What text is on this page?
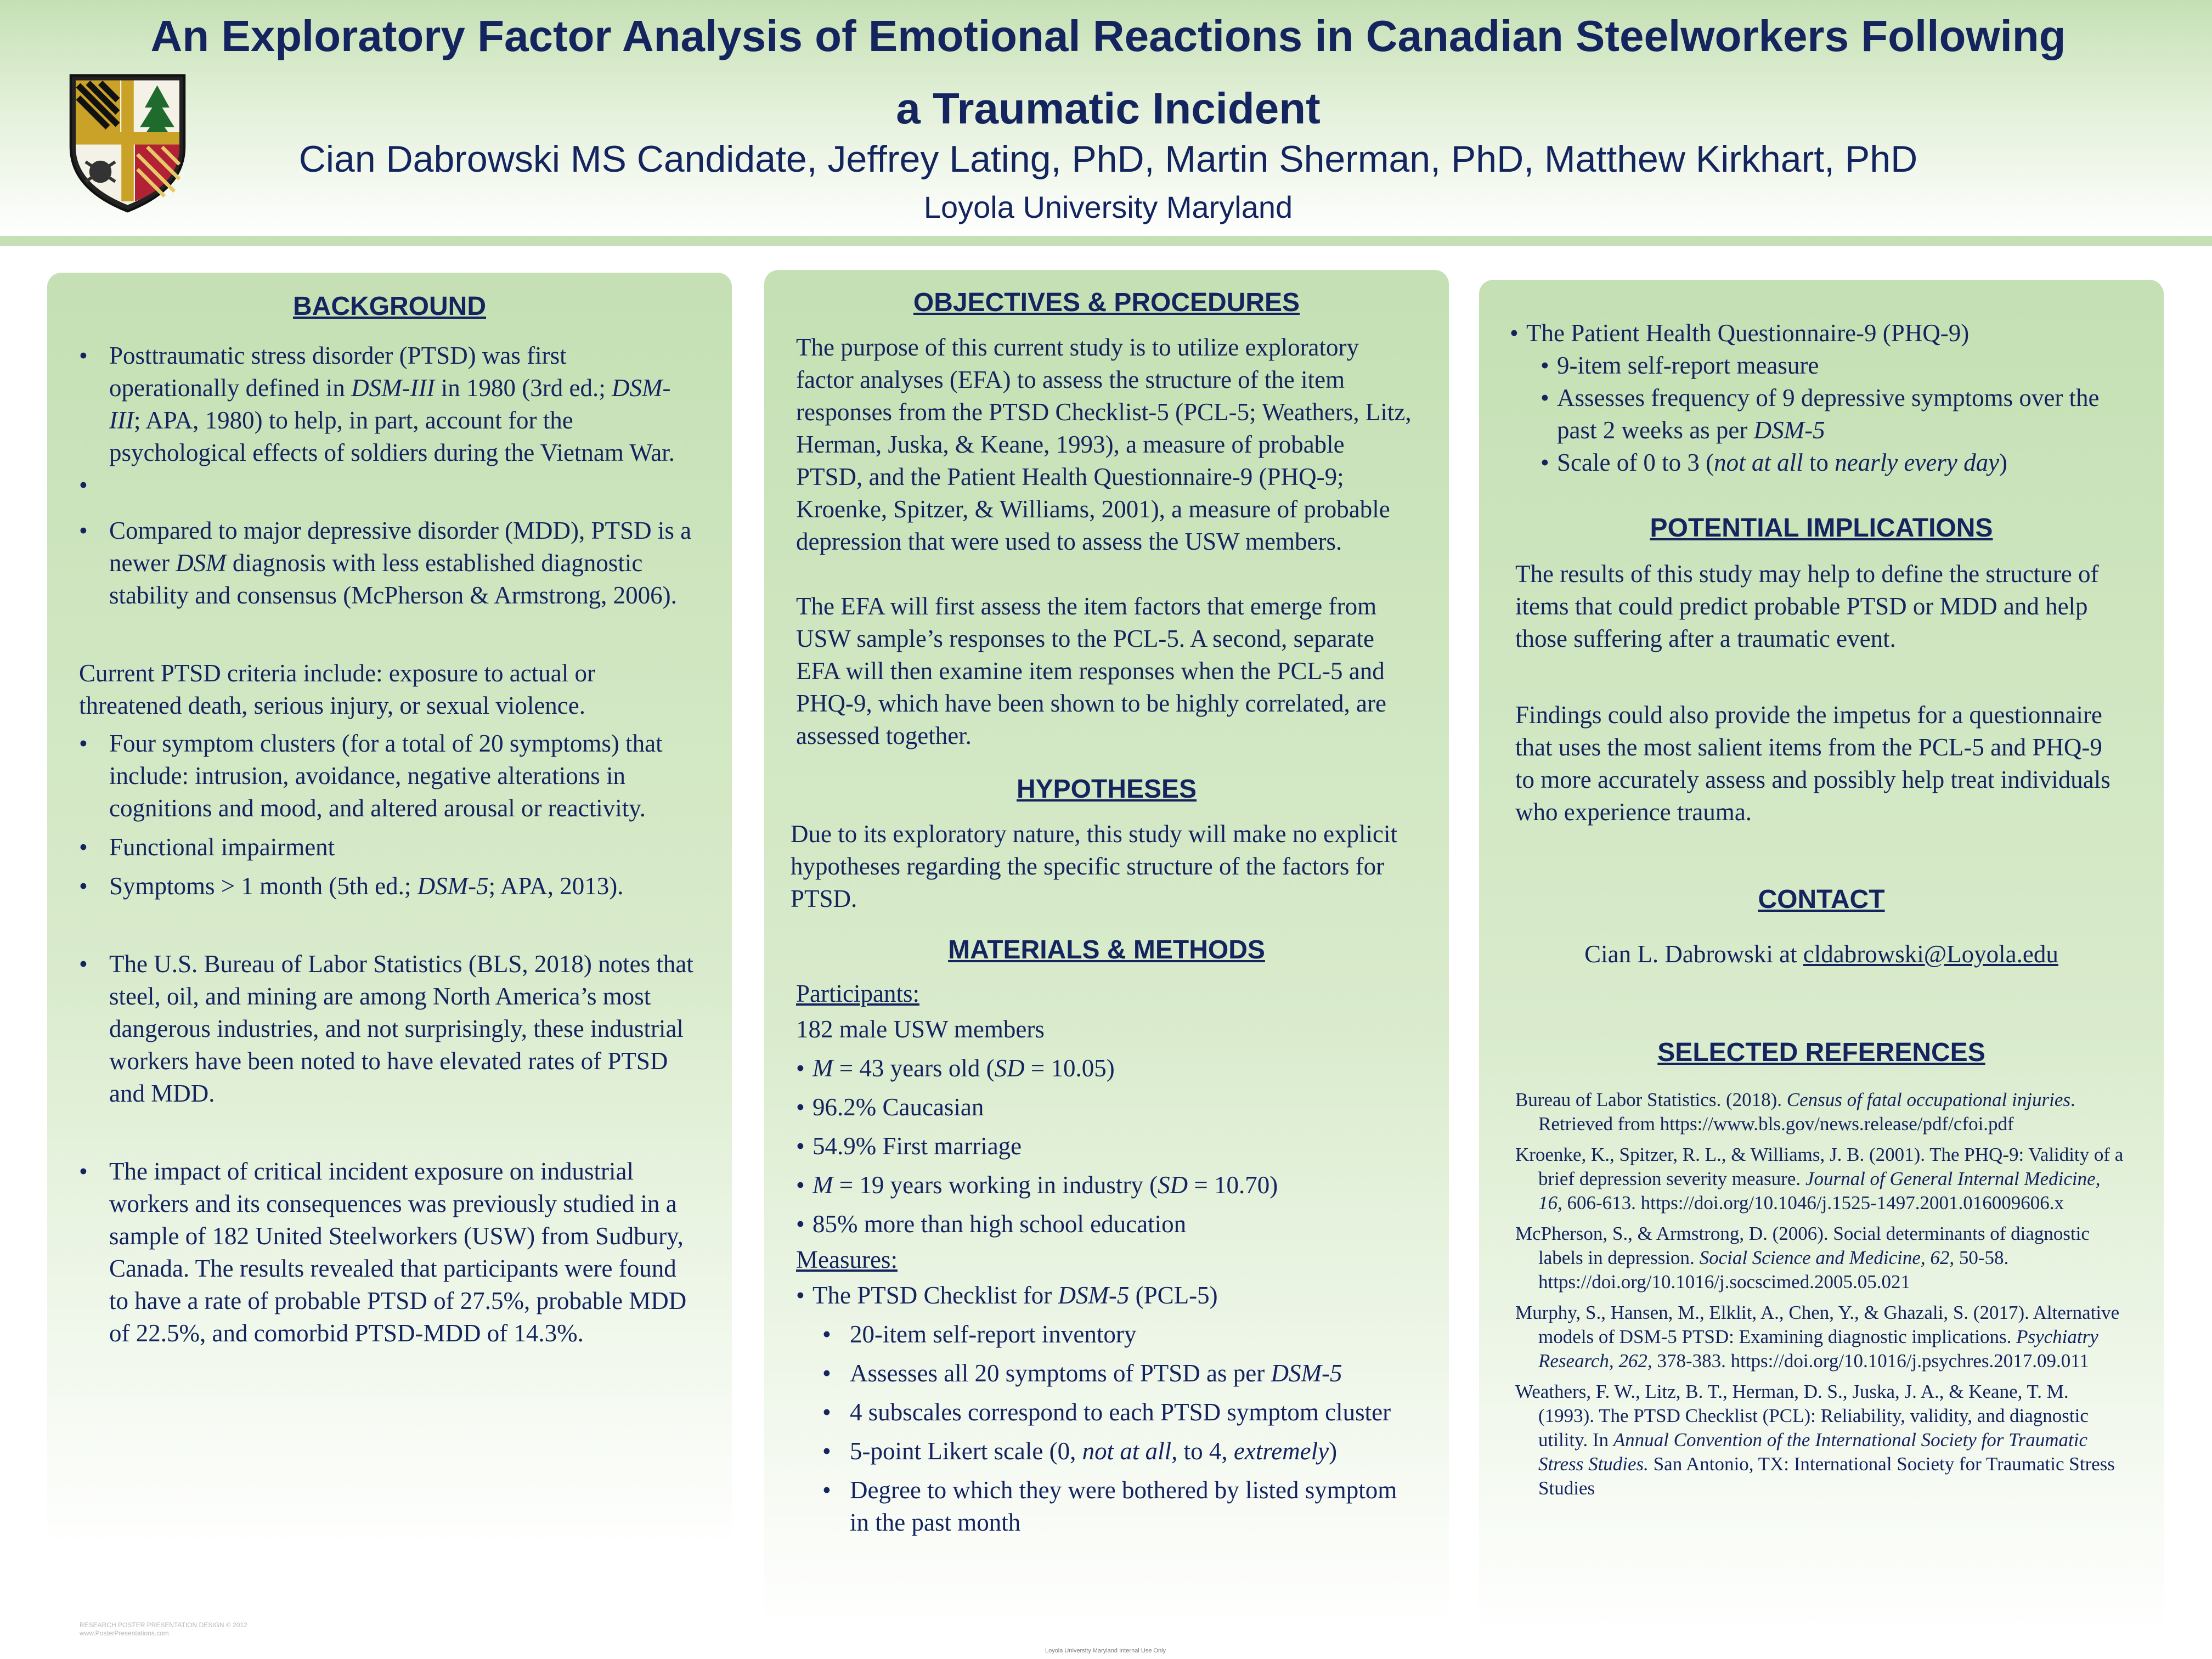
An Exploratory Factor Analysis of Emotional Reactions in Canadian Steelworkers Following a Traumatic Incident
Cian Dabrowski MS Candidate, Jeffrey Lating, PhD, Martin Sherman, PhD, Matthew Kirkhart, PhD
Loyola University Maryland
BACKGROUND
• Posttraumatic stress disorder (PTSD) was first operationally defined in DSM-III in 1980 (3rd ed.; DSM-III; APA, 1980) to help, in part, account for the psychological effects of soldiers during the Vietnam War.
•
• Compared to major depressive disorder (MDD), PTSD is a newer DSM diagnosis with less established diagnostic stability and consensus (McPherson & Armstrong, 2006).

Current PTSD criteria include: exposure to actual or threatened death, serious injury, or sexual violence.

• Four symptom clusters (for a total of 20 symptoms) that include: intrusion, avoidance, negative alterations in cognitions and mood, and altered arousal or reactivity.
• Functional impairment
• Symptoms > 1 month (5th ed.; DSM-5; APA, 2013).
• The U.S. Bureau of Labor Statistics (BLS, 2018) notes that steel, oil, and mining are among North America’s most dangerous industries, and not surprisingly, these industrial workers have been noted to have elevated rates of PTSD and MDD.
• The impact of critical incident exposure on industrial workers and its consequences was previously studied in a sample of 182 United Steelworkers (USW) from Sudbury, Canada. The results revealed that participants were found to have a rate of probable PTSD of 27.5%, probable MDD of 22.5%, and comorbid PTSD-MDD of 14.3%.
OBJECTIVES & PROCEDURES

The purpose of this current study is to utilize exploratory factor analyses (EFA) to assess the structure of the item responses from the PTSD Checklist-5 (PCL-5; Weathers, Litz, Herman, Juska, & Keane, 1993), a measure of probable PTSD, and the Patient Health Questionnaire-9 (PHQ-9; Kroenke, Spitzer, & Williams, 2001), a measure of probable depression that were used to assess the USW members.

The EFA will first assess the item factors that emerge from USW sample’s responses to the PCL-5. A second, separate EFA will then examine item responses when the PCL-5 and PHQ-9, which have been shown to be highly correlated, are assessed together.

HYPOTHESES

Due to its exploratory nature, this study will make no explicit hypotheses regarding the specific structure of the factors for PTSD.

MATERIALS & METHODS

Participants:

182 male USW members

• M = 43 years old (SD = 10.05)
• 96.2% Caucasian
• 54.9% First marriage
• M = 19 years working in industry (SD = 10.70)
• 85% more than high school education

Measures:

• The PTSD Checklist for DSM-5 (PCL-5)
• 20-item self-report inventory
• Assesses all 20 symptoms of PTSD as per DSM-5
• 4 subscales correspond to each PTSD symptom cluster
• 5-point Likert scale (0, not at all, to 4, extremely)
• Degree to which they were bothered by listed symptom in the past month
• The Patient Health Questionnaire-9 (PHQ-9)
• 9-item self-report measure
• Assesses frequency of 9 depressive symptoms over the past 2 weeks as per DSM-5
• Scale of 0 to 3 (not at all to nearly every day)
POTENTIAL IMPLICATIONS

The results of this study may help to define the structure of items that could predict probable PTSD or MDD and help those suffering after a traumatic event.

Findings could also provide the impetus for a questionnaire that uses the most salient items from the PCL-5 and PHQ-9 to more accurately assess and possibly help treat individuals who experience trauma.

CONTACT
Cian L. Dabrowski at cldabrowski@Loyola.edu
SELECTED REFERENCES

Bureau of Labor Statistics. (2018). Census of fatal occupational injuries. Retrieved from https://www.bls.gov/news.release/pdf/cfoi.pdf

Kroenke, K., Spitzer, R. L., & Williams, J. B. (2001). The PHQ-9: Validity of a brief depression severity measure. Journal of General Internal Medicine, 16, 606-613. https://doi.org/10.1046/j.1525-1497.2001.016009606.x

McPherson, S., & Armstrong, D. (2006). Social determinants of diagnostic labels in depression. Social Science and Medicine, 62, 50-58. https://doi.org/10.1016/j.socscimed.2005.05.021

Murphy, S., Hansen, M., Elklit, A., Chen, Y., & Ghazali, S. (2017). Alternative models of DSM-5 PTSD: Examining diagnostic implications. Psychiatry Research, 262, 378-383. https://doi.org/10.1016/j.psychres.2017.09.011

Weathers, F. W., Litz, B. T., Herman, D. S., Juska, J. A., & Keane, T. M. (1993). The PTSD Checklist (PCL): Reliability, validity, and diagnostic utility. In Annual Convention of the International Society for Traumatic Stress Studies. San Antonio, TX: International Society for Traumatic Stress Studies

RESEARCH POSTER PRESENTATION DESIGN © 2012
www.PosterPresentations.com
Loyola University Maryland Internal Use Only
